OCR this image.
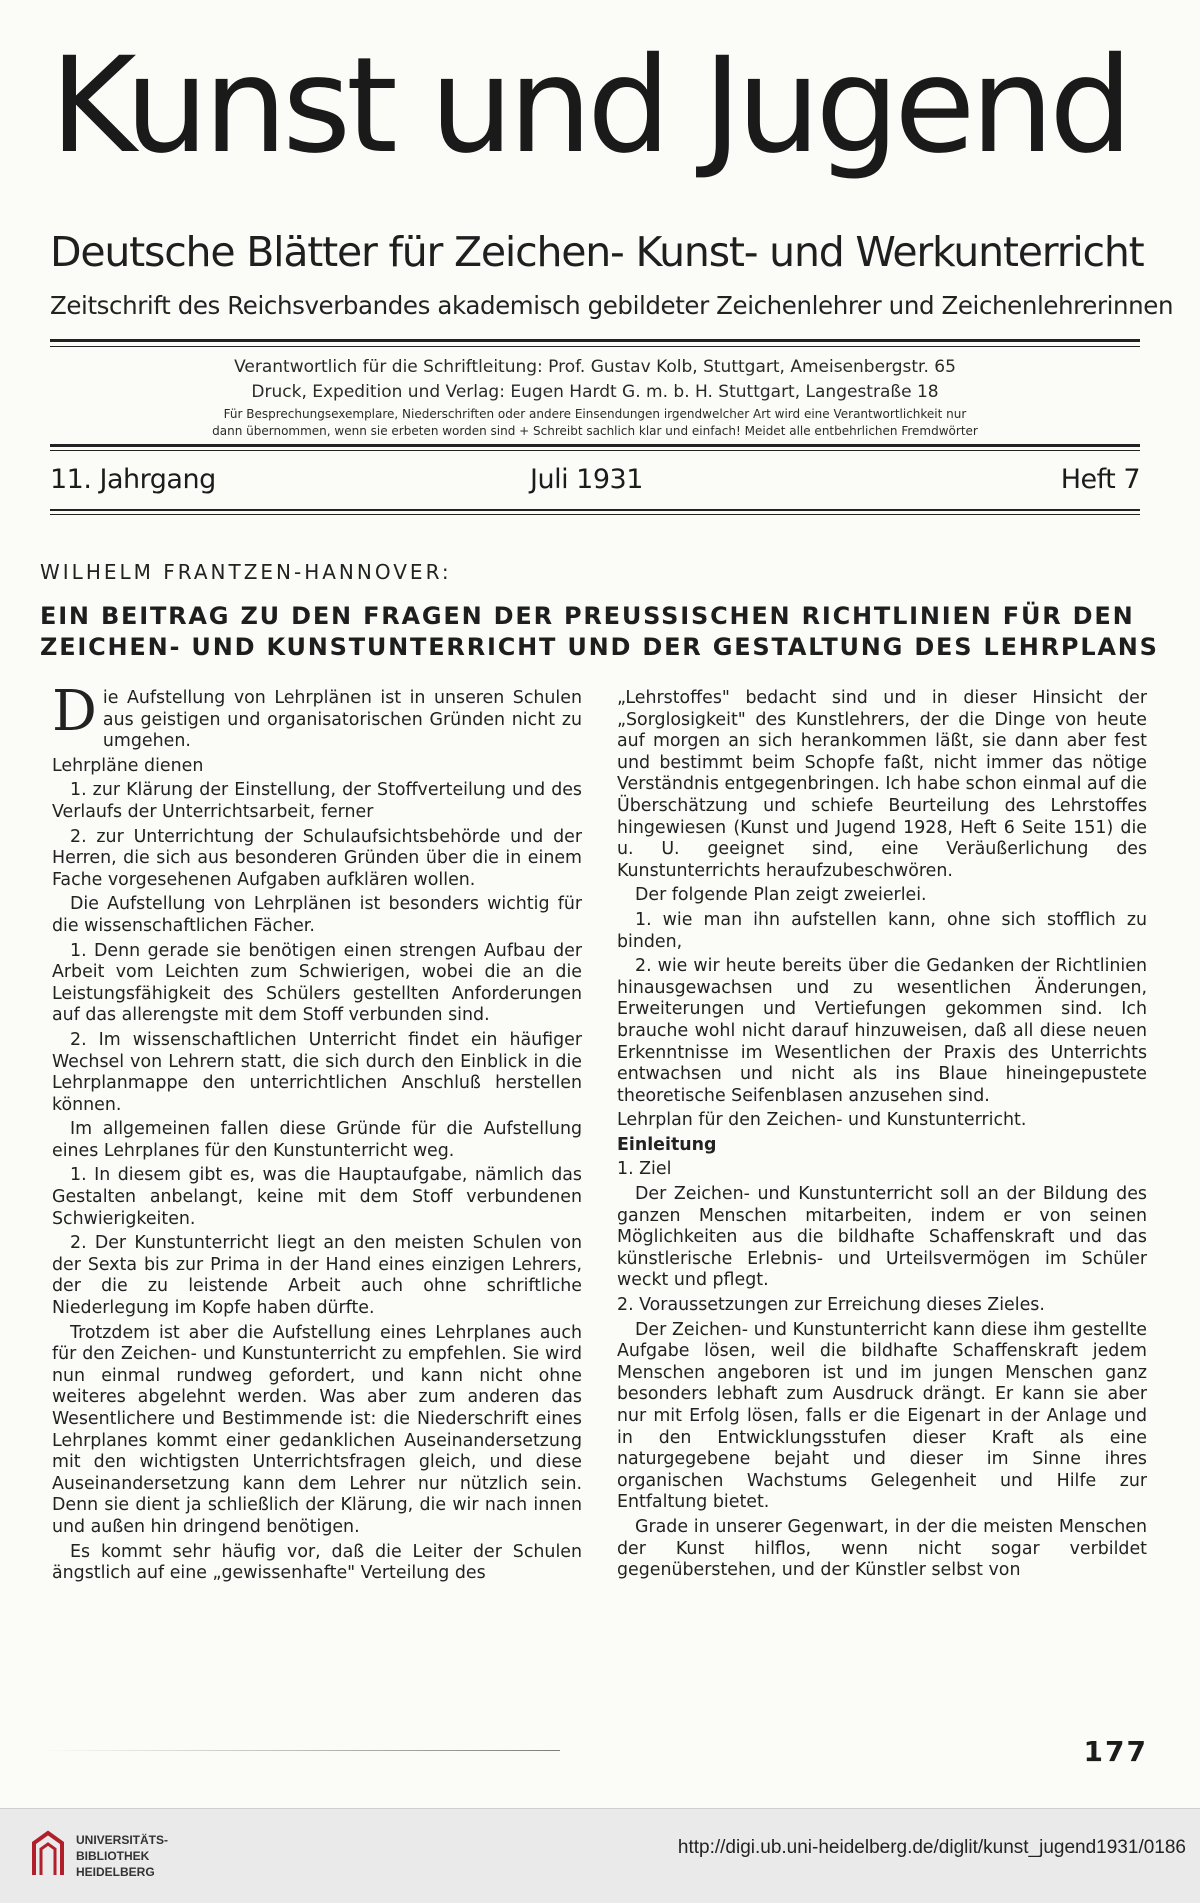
Kunst und Jugend
Deutsche Blätter für Zeichen- Kunst- und Werkunterricht
Zeitschrift des Reichsverbandes akademisch gebildeter Zeichenlehrer und Zeichenlehrerinnen
Verantwortlich für die Schriftleitung: Prof. Gustav Kolb, Stuttgart, Ameisenbergstr. 65
Druck, Expedition und Verlag: Eugen Hardt G. m. b. H. Stuttgart, Langestraße 18
Für Besprechungsexemplare, Niederschriften oder andere Einsendungen irgendwelcher Art wird eine Verantwortlichkeit nur
dann übernommen, wenn sie erbeten worden sind + Schreibt sachlich klar und einfach! Meidet alle entbehrlichen Fremdwörter
11. Jahrgang	Juli 1931	Heft 7
WILHELM FRANTZEN-HANNOVER:
EIN BEITRAG ZU DEN FRAGEN DER PREUSSISCHEN RICHTLINIEN FÜR DEN
ZEICHEN- UND KUNSTUNTERRICHT UND DER GESTALTUNG DES LEHRPLANS

Die Aufstellung von Lehrplänen ist in unseren Schulen aus geistigen und organisatorischen Gründen nicht zu umgehen.

Lehrpläne dienen

1. zur Klärung der Einstellung, der Stoffverteilung und des Verlaufs der Unterrichtsarbeit, ferner

2. zur Unterrichtung der Schulaufsichtsbehörde und der Herren, die sich aus besonderen Gründen über die in einem Fache vorgesehenen Aufgaben aufklären wollen.

Die Aufstellung von Lehrplänen ist besonders wichtig für die wissenschaftlichen Fächer.

1. Denn gerade sie benötigen einen strengen Aufbau der Arbeit vom Leichten zum Schwierigen, wobei die an die Leistungsfähigkeit des Schülers gestellten Anforderungen auf das allerengste mit dem Stoff verbunden sind.

2. Im wissenschaftlichen Unterricht findet ein häufiger Wechsel von Lehrern statt, die sich durch den Einblick in die Lehrplanmappe den unterrichtlichen Anschluß herstellen können.

Im allgemeinen fallen diese Gründe für die Aufstellung eines Lehrplanes für den Kunstunterricht weg.

1. In diesem gibt es, was die Hauptaufgabe, nämlich das Gestalten anbelangt, keine mit dem Stoff verbundenen Schwierigkeiten.

2. Der Kunstunterricht liegt an den meisten Schulen von der Sexta bis zur Prima in der Hand eines einzigen Lehrers, der die zu leistende Arbeit auch ohne schriftliche Niederlegung im Kopfe haben dürfte.

Trotzdem ist aber die Aufstellung eines Lehrplanes auch für den Zeichen- und Kunstunterricht zu empfehlen. Sie wird nun einmal rundweg gefordert, und kann nicht ohne weiteres abgelehnt werden. Was aber zum anderen das Wesentlichere und Bestimmende ist: die Niederschrift eines Lehrplanes kommt einer gedanklichen Auseinandersetzung mit den wichtigsten Unterrichtsfragen gleich, und diese Auseinandersetzung kann dem Lehrer nur nützlich sein. Denn sie dient ja schließlich der Klärung, die wir nach innen und außen hin dringend benötigen.

Es kommt sehr häufig vor, daß die Leiter der Schulen ängstlich auf eine „gewissenhafte" Verteilung des

„Lehrstoffes" bedacht sind und in dieser Hinsicht der „Sorglosigkeit" des Kunstlehrers, der die Dinge von heute auf morgen an sich herankommen läßt, sie dann aber fest und bestimmt beim Schopfe faßt, nicht immer das nötige Verständnis entgegenbringen. Ich habe schon einmal auf die Überschätzung und schiefe Beurteilung des Lehrstoffes hingewiesen (Kunst und Jugend 1928, Heft 6 Seite 151) die u. U. geeignet sind, eine Veräußerlichung des Kunstunterrichts heraufzubeschwören.

Der folgende Plan zeigt zweierlei.

1. wie man ihn aufstellen kann, ohne sich stofflich zu binden,

2. wie wir heute bereits über die Gedanken der Richtlinien hinausgewachsen und zu wesentlichen Änderungen, Erweiterungen und Vertiefungen gekommen sind. Ich brauche wohl nicht darauf hinzuweisen, daß all diese neuen Erkenntnisse im Wesentlichen der Praxis des Unterrichts entwachsen und nicht als ins Blaue hineingepustete theoretische Seifenblasen anzusehen sind.

Lehrplan für den Zeichen- und Kunstunterricht.

Einleitung

1. Ziel

Der Zeichen- und Kunstunterricht soll an der Bildung des ganzen Menschen mitarbeiten, indem er von seinen Möglichkeiten aus die bildhafte Schaffenskraft und das künstlerische Erlebnis- und Urteilsvermögen im Schüler weckt und pflegt.

2. Voraussetzungen zur Erreichung dieses Zieles.

Der Zeichen- und Kunstunterricht kann diese ihm gestellte Aufgabe lösen, weil die bildhafte Schaffenskraft jedem Menschen angeboren ist und im jungen Menschen ganz besonders lebhaft zum Ausdruck drängt. Er kann sie aber nur mit Erfolg lösen, falls er die Eigenart in der Anlage und in den Entwicklungsstufen dieser Kraft als eine naturgegebene bejaht und dieser im Sinne ihres organischen Wachstums Gelegenheit und Hilfe zur Entfaltung bietet.

Grade in unserer Gegenwart, in der die meisten Menschen der Kunst hilflos, wenn nicht sogar verbildet gegenüberstehen, und der Künstler selbst von

177
UNIVERSITÄTS-
BIBLIOTHEK
HEIDELBERG
http://digi.ub.uni-heidelberg.de/diglit/kunst_jugend1931/0186
